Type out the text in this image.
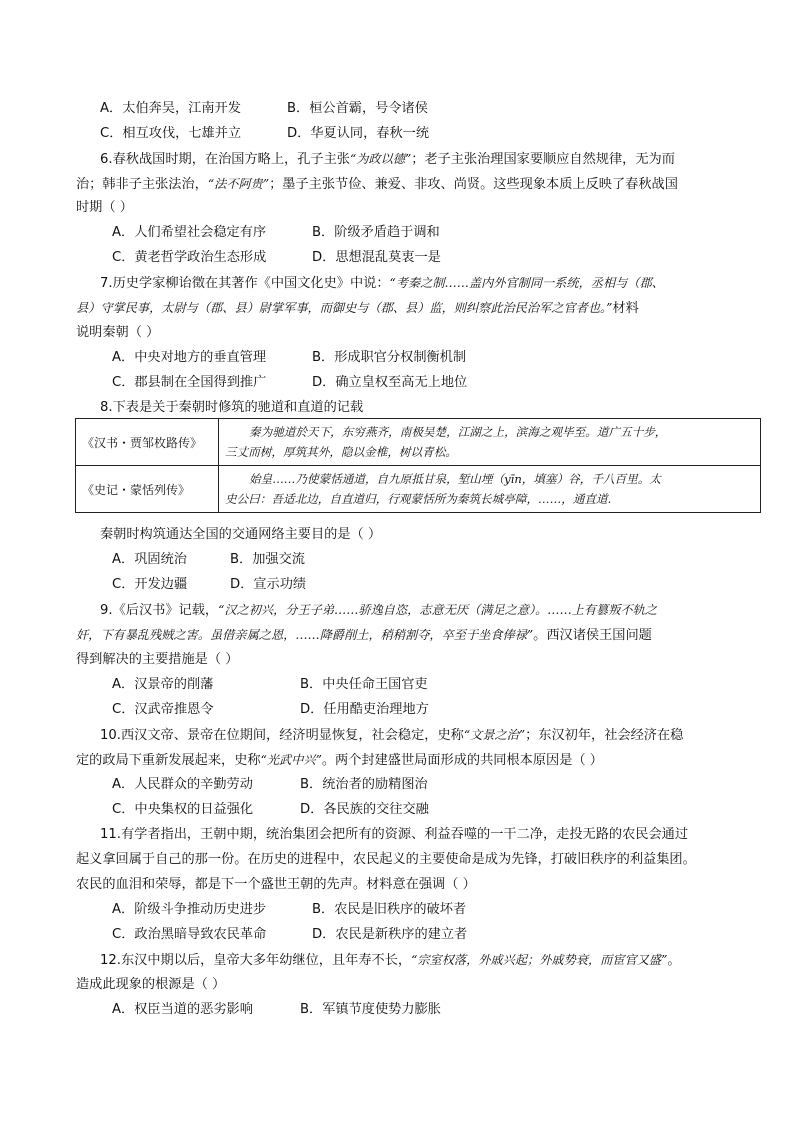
A．太伯奔吴，江南开发	B．桓公首霸，号令诸侯
C．相互攻伐，七雄并立	D．华夏认同，春秋一统
6.春秋战国时期，在治国方略上，孔子主张“为政以德”；老子主张治理国家要顺应自然规律，无为而
治；韩非子主张法治，“法不阿贵”；墨子主张节俭、兼爱、非攻、尚贤。这些现象本质上反映了春秋战国
时期（ ）
A．人们希望社会稳定有序	B．阶级矛盾趋于调和
C．黄老哲学政治生态形成	D．思想混乱莫衷一是
7.历史学家柳诒徵在其著作《中国文化史》中说：“考秦之制……盖内外官制同一系统，丞相与（郡、
县）守掌民事，太尉与（郡、县）尉掌军事，而御史与（郡、县）监，则纠察此治民治军之官者也。”材料
说明秦朝（ ）
A．中央对地方的垂直管理	B．形成职官分权制衡机制
C．郡县制在全国得到推广	D．确立皇权至高无上地位
8.下表是关于秦朝时修筑的驰道和直道的记载
《汉书・贾邹枚路传》	秦为驰道於天下，东穷燕齐，南极吴楚，江湖之上，滨海之观毕至。道广五十步，
三丈而树，厚筑其外，隐以金椎，树以青松。

《史记・蒙恬列传》	始皇……乃使蒙恬通道，自九原抵甘泉，堑山堙（yīn，填塞）谷，千八百里。太
史公曰：吾适北边，自直道归，行观蒙恬所为秦筑长城亭障，……，通直道.
秦朝时构筑通达全国的交通网络主要目的是（ ）
A．巩固统治	B．加强交流
C．开发边疆	D．宣示功绩
9.《后汉书》记载，“汉之初兴，分王子弟……骄逸自恣，志意无厌（满足之意）。……上有篡叛不轨之
奸，下有暴乱残贼之害。虽借亲属之恩，……降爵削土，稍稍割夺，卒至于坐食俸禄”。西汉诸侯王国问题
得到解决的主要措施是（ ）
A．汉景帝的削藩	B．中央任命王国官吏
C．汉武帝推恩令	D．任用酷吏治理地方
10.西汉文帝、景帝在位期间，经济明显恢复，社会稳定，史称“文景之治”；东汉初年，社会经济在稳
定的政局下重新发展起来，史称“光武中兴”。两个封建盛世局面形成的共同根本原因是（ ）
A．人民群众的辛勤劳动	B．统治者的励精图治
C．中央集权的日益强化	D．各民族的交往交融
11.有学者指出，王朝中期，统治集团会把所有的资源、利益吞噬的一干二净，走投无路的农民会通过
起义拿回属于自己的那一份。在历史的进程中，农民起义的主要使命是成为先锋，打破旧秩序的利益集团。
农民的血泪和荣辱，都是下一个盛世王朝的先声。材料意在强调（ ）
A．阶级斗争推动历史进步	B．农民是旧秩序的破坏者
C．政治黑暗导致农民革命	D．农民是新秩序的建立者
12.东汉中期以后，皇帝大多年幼继位，且年寿不长，“宗室权落，外戚兴起；外戚势衰，而宦官又盛”。
造成此现象的根源是（ ）
A．权臣当道的恶劣影响	B．军镇节度使势力膨胀
